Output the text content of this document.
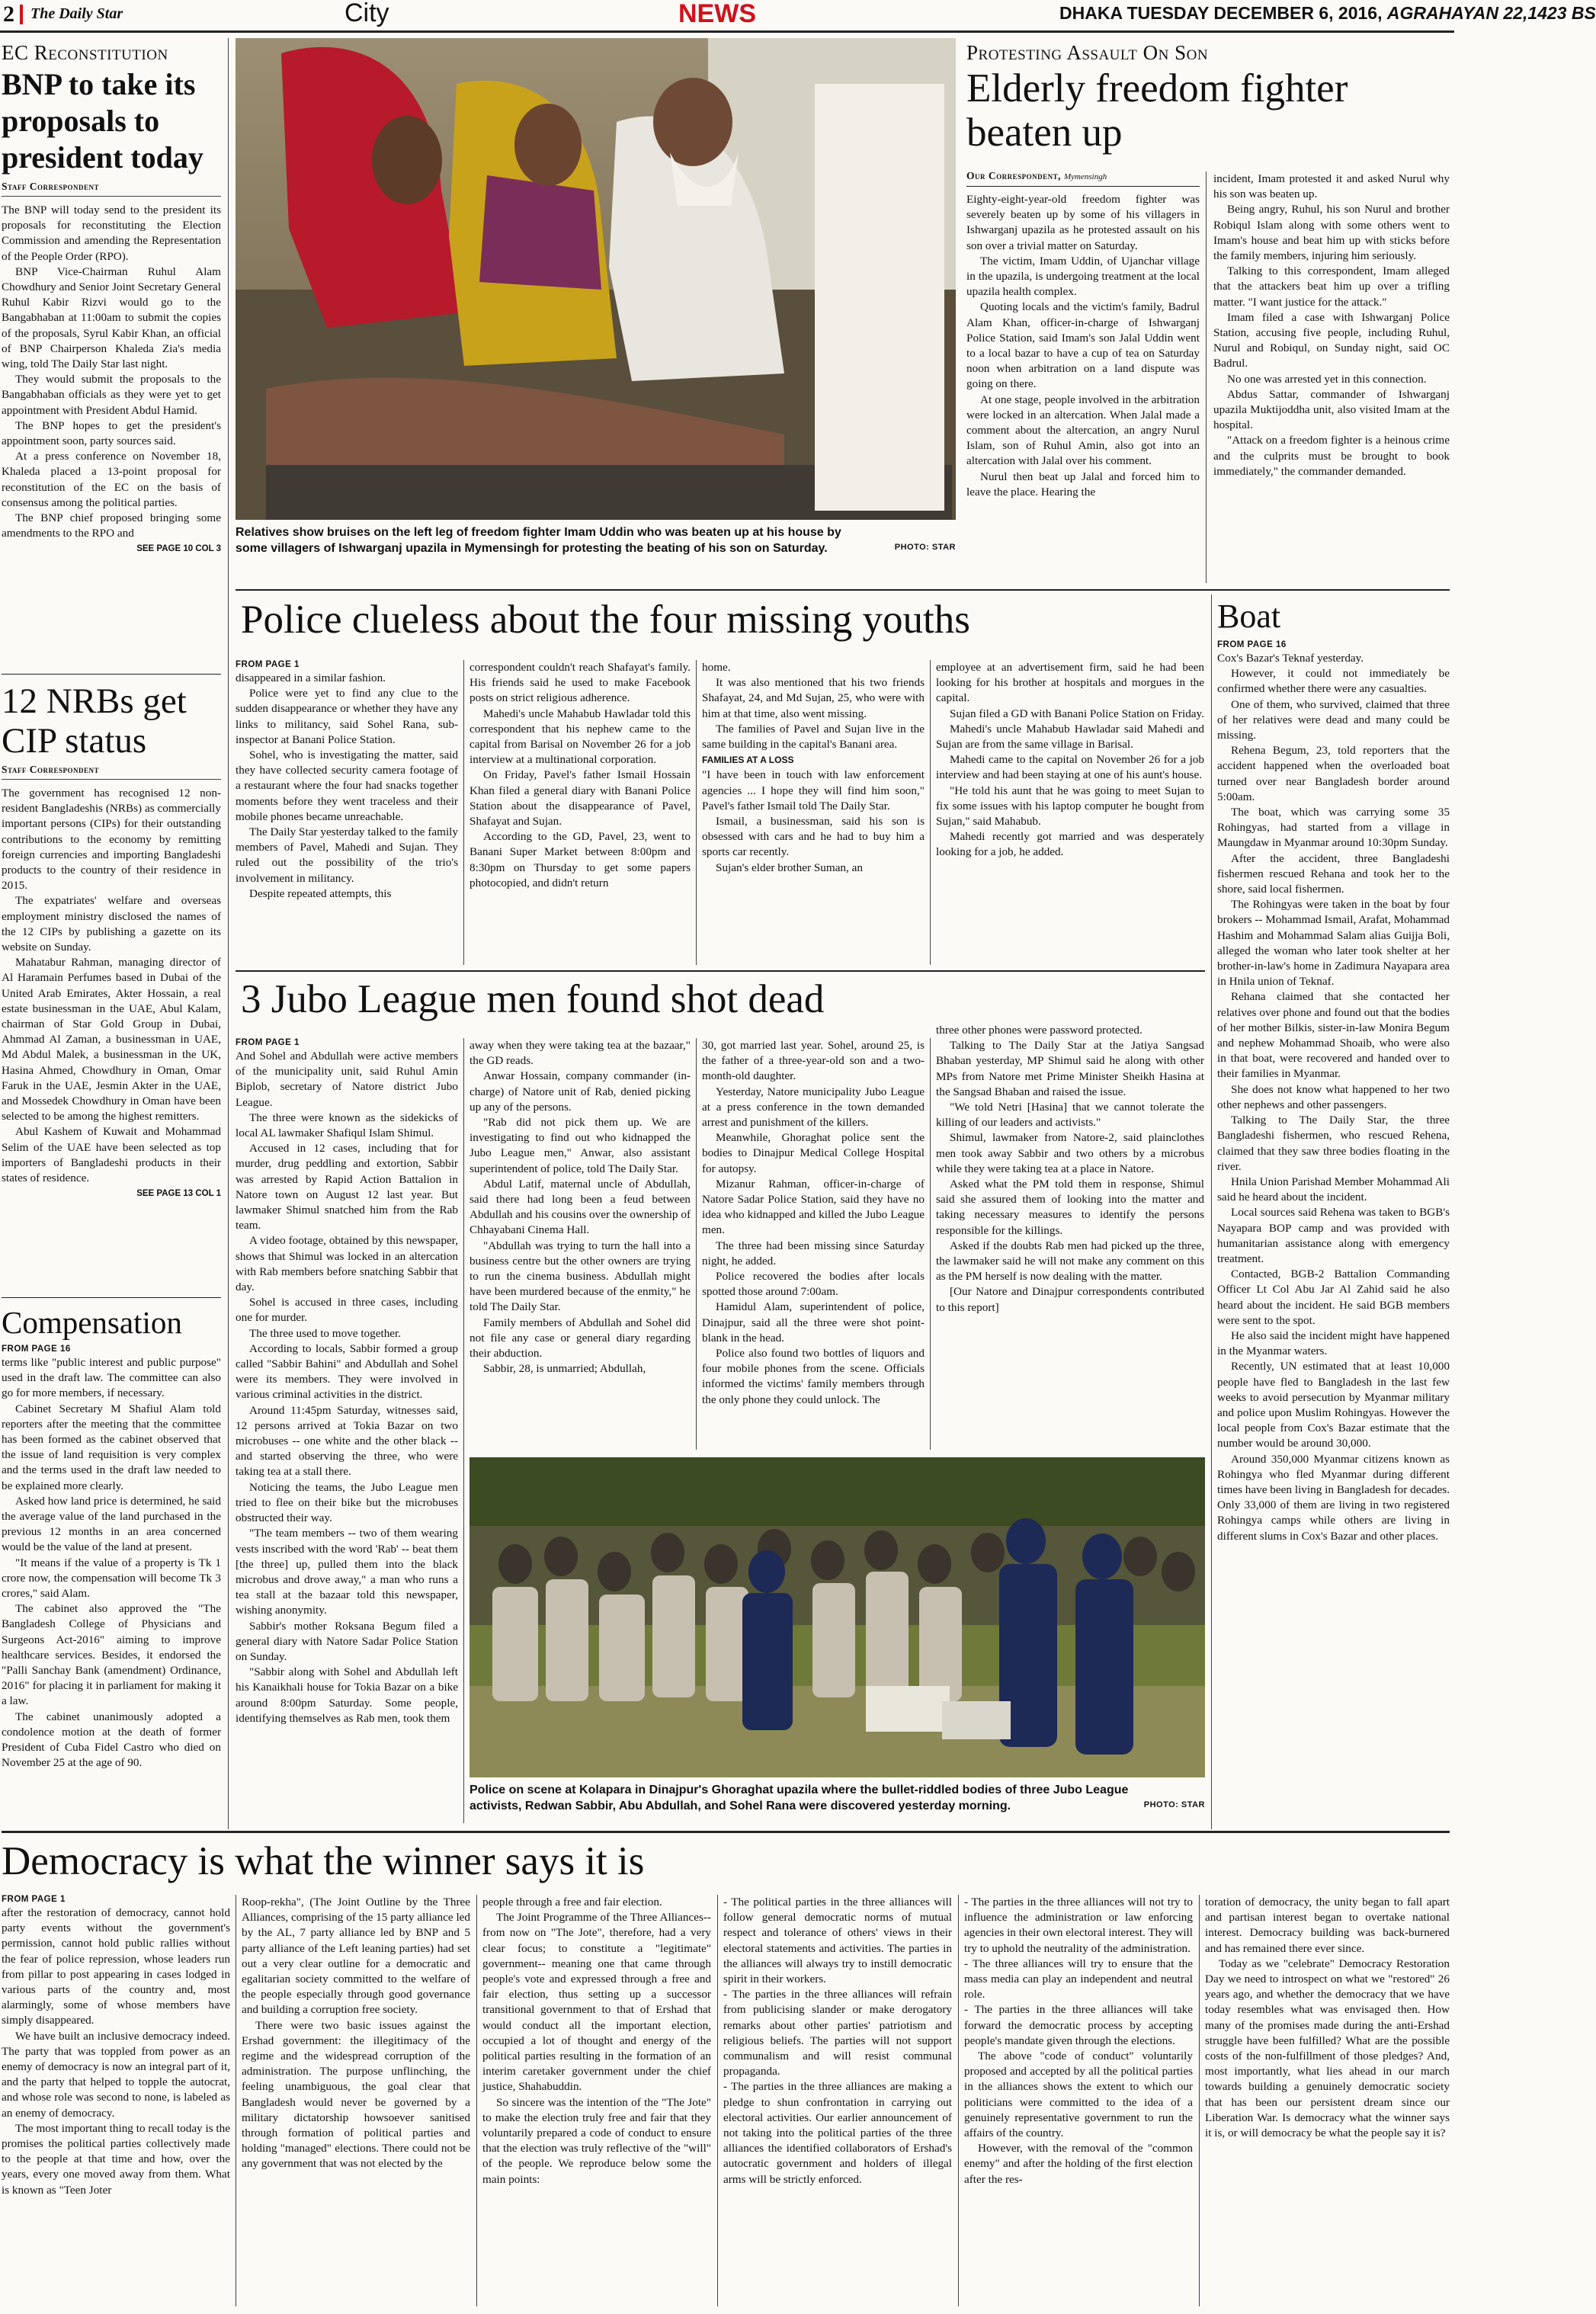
2 The Daily Star	City	NEWS	DHAKA TUESDAY DECEMBER 6, 2016, AGRAHAYAN 22,1423 BS
EC Reconstitution
BNP to take its proposals to president today
Staff Correspondent

The BNP will today send to the president its proposals for reconstituting the Election Commission and amending the Representation of the People Order (RPO).

BNP Vice-Chairman Ruhul Alam Chowdhury and Senior Joint Secretary General Ruhul Kabir Rizvi would go to the Bangabhaban at 11:00am to submit the copies of the proposals, Syrul Kabir Khan, an official of BNP Chairperson Khaleda Zia's media wing, told The Daily Star last night.

They would submit the proposals to the Bangabhaban officials as they were yet to get appointment with President Abdul Hamid.

The BNP hopes to get the president's appointment soon, party sources said.

At a press conference on November 18, Khaleda placed a 13-point proposal for reconstitution of the EC on the basis of consensus among the political parties.

The BNP chief proposed bringing some amendments to the RPO and

SEE PAGE 10 COL 3
12 NRBs get CIP status
Staff Correspondent

The government has recognised 12 non-resident Bangladeshis (NRBs) as commercially important persons (CIPs) for their outstanding contributions to the economy by remitting foreign currencies and importing Bangladeshi products to the country of their residence in 2015.

The expatriates' welfare and overseas employment ministry disclosed the names of the 12 CIPs by publishing a gazette on its website on Sunday.

Mahatabur Rahman, managing director of Al Haramain Perfumes based in Dubai of the United Arab Emirates, Akter Hossain, a real estate businessman in the UAE, Abul Kalam, chairman of Star Gold Group in Dubai, Ahmmad Al Zaman, a businessman in UAE, Md Abdul Malek, a businessman in the UK, Hasina Ahmed, Chowdhury in Oman, Omar Faruk in the UAE, Jesmin Akter in the UAE, and Mossedek Chowdhury in Oman have been selected to be among the highest remitters.

Abul Kashem of Kuwait and Mohammad Selim of the UAE have been selected as top importers of Bangladeshi products in their states of residence.

SEE PAGE 13 COL 1
Compensation
FROM PAGE 16

terms like "public interest and public purpose" used in the draft law. The committee can also go for more members, if necessary.

Cabinet Secretary M Shafiul Alam told reporters after the meeting that the committee has been formed as the cabinet observed that the issue of land requisition is very complex and the terms used in the draft law needed to be explained more clearly.

Asked how land price is determined, he said the average value of the land purchased in the previous 12 months in an area concerned would be the value of the land at present.

"It means if the value of a property is Tk 1 crore now, the compensation will become Tk 3 crores," said Alam.

The cabinet also approved the "The Bangladesh College of Physicians and Surgeons Act-2016" aiming to improve healthcare services. Besides, it endorsed the "Palli Sanchay Bank (amendment) Ordinance, 2016" for placing it in parliament for making it a law.

The cabinet unanimously adopted a condolence motion at the death of former President of Cuba Fidel Castro who died on November 25 at the age of 90.

Relatives show bruises on the left leg of freedom fighter Imam Uddin who was beaten up at his house by some villagers of Ishwarganj upazila in Mymensingh for protesting the beating of his son on Saturday.	PHOTO: STAR
Protesting Assault On Son
Elderly freedom fighter beaten up
Our Correspondent, Mymensingh

Eighty-eight-year-old freedom fighter was severely beaten up by some of his villagers in Ishwarganj upazila as he protested assault on his son over a trivial matter on Saturday.

The victim, Imam Uddin, of Ujanchar village in the upazila, is undergoing treatment at the local upazila health complex.

Quoting locals and the victim's family, Badrul Alam Khan, officer-in-charge of Ishwarganj Police Station, said Imam's son Jalal Uddin went to a local bazar to have a cup of tea on Saturday noon when arbitration on a land dispute was going on there.

At one stage, people involved in the arbitration were locked in an altercation. When Jalal made a comment about the altercation, an angry Nurul Islam, son of Ruhul Amin, also got into an altercation with Jalal over his comment.

Nurul then beat up Jalal and forced him to leave the place. Hearing the

incident, Imam protested it and asked Nurul why his son was beaten up.

Being angry, Ruhul, his son Nurul and brother Robiqul Islam along with some others went to Imam's house and beat him up with sticks before the family members, injuring him seriously.

Talking to this correspondent, Imam alleged that the attackers beat him up over a trifling matter. "I want justice for the attack."

Imam filed a case with Ishwarganj Police Station, accusing five people, including Ruhul, Nurul and Robiqul, on Sunday night, said OC Badrul.

No one was arrested yet in this connection.

Abdus Sattar, commander of Ishwarganj upazila Muktijoddha unit, also visited Imam at the hospital.

"Attack on a freedom fighter is a heinous crime and the culprits must be brought to book immediately," the commander demanded.

Police clueless about the four missing youths
FROM PAGE 1

disappeared in a similar fashion.

Police were yet to find any clue to the sudden disappearance or whether they have any links to militancy, said Sohel Rana, sub-inspector at Banani Police Station.

Sohel, who is investigating the matter, said they have collected security camera footage of a restaurant where the four had snacks together moments before they went traceless and their mobile phones became unreachable.

The Daily Star yesterday talked to the family members of Pavel, Mahedi and Sujan. They ruled out the possibility of the trio's involvement in militancy.

Despite repeated attempts, this

correspondent couldn't reach Shafayat's family. His friends said he used to make Facebook posts on strict religious adherence.

Mahedi's uncle Mahabub Hawladar told this correspondent that his nephew came to the capital from Barisal on November 26 for a job interview at a multinational corporation.

On Friday, Pavel's father Ismail Hossain Khan filed a general diary with Banani Police Station about the disappearance of Pavel, Shafayat and Sujan.

According to the GD, Pavel, 23, went to Banani Super Market between 8:00pm and 8:30pm on Thursday to get some papers photocopied, and didn't return

home.

It was also mentioned that his two friends Shafayat, 24, and Md Sujan, 25, who were with him at that time, also went missing.

The families of Pavel and Sujan live in the same building in the capital's Banani area.

FAMILIES AT A LOSS

"I have been in touch with law enforcement agencies ... I hope they will find him soon," Pavel's father Ismail told The Daily Star.

Ismail, a businessman, said his son is obsessed with cars and he had to buy him a sports car recently.

Sujan's elder brother Suman, an

employee at an advertisement firm, said he had been looking for his brother at hospitals and morgues in the capital.

Sujan filed a GD with Banani Police Station on Friday.

Mahedi's uncle Mahabub Hawladar said Mahedi and Sujan are from the same village in Barisal.

Mahedi came to the capital on November 26 for a job interview and had been staying at one of his aunt's house.

"He told his aunt that he was going to meet Sujan to fix some issues with his laptop computer he bought from Sujan," said Mahabub.

Mahedi recently got married and was desperately looking for a job, he added.

Boat
FROM PAGE 16

Cox's Bazar's Teknaf yesterday.

However, it could not immediately be confirmed whether there were any casualties.

One of them, who survived, claimed that three of her relatives were dead and many could be missing.

Rehena Begum, 23, told reporters that the accident happened when the overloaded boat turned over near Bangladesh border around 5:00am.

The boat, which was carrying some 35 Rohingyas, had started from a village in Maungdaw in Myanmar around 10:30pm Sunday.

After the accident, three Bangladeshi fishermen rescued Rehana and took her to the shore, said local fishermen.

The Rohingyas were taken in the boat by four brokers -- Mohammad Ismail, Arafat, Mohammad Hashim and Mohammad Salam alias Guijja Boli, alleged the woman who later took shelter at her brother-in-law's home in Zadimura Nayapara area in Hnila union of Teknaf.

Rehana claimed that she contacted her relatives over phone and found out that the bodies of her mother Bilkis, sister-in-law Monira Begum and nephew Mohammad Shoaib, who were also in that boat, were recovered and handed over to their families in Myanmar.

She does not know what happened to her two other nephews and other passengers.

Talking to The Daily Star, the three Bangladeshi fishermen, who rescued Rehena, claimed that they saw three bodies floating in the river.

Hnila Union Parishad Member Mohammad Ali said he heard about the incident.

Local sources said Rehena was taken to BGB's Nayapara BOP camp and was provided with humanitarian assistance along with emergency treatment.

Contacted, BGB-2 Battalion Commanding Officer Lt Col Abu Jar Al Zahid said he also heard about the incident. He said BGB members were sent to the spot.

He also said the incident might have happened in the Myanmar waters.

Recently, UN estimated that at least 10,000 people have fled to Bangladesh in the last few weeks to avoid persecution by Myanmar military and police upon Muslim Rohingyas. However the local people from Cox's Bazar estimate that the number would be around 30,000.

Around 350,000 Myanmar citizens known as Rohingya who fled Myanmar during different times have been living in Bangladesh for decades. Only 33,000 of them are living in two registered Rohingya camps while others are living in different slums in Cox's Bazar and other places.

3 Jubo League men found shot dead
FROM PAGE 1

And Sohel and Abdullah were active members of the municipality unit, said Ruhul Amin Biplob, secretary of Natore district Jubo League.

The three were known as the sidekicks of local AL lawmaker Shafiqul Islam Shimul.

Accused in 12 cases, including that for murder, drug peddling and extortion, Sabbir was arrested by Rapid Action Battalion in Natore town on August 12 last year. But lawmaker Shimul snatched him from the Rab team.

A video footage, obtained by this newspaper, shows that Shimul was locked in an altercation with Rab members before snatching Sabbir that day.

Sohel is accused in three cases, including one for murder.

The three used to move together.

According to locals, Sabbir formed a group called "Sabbir Bahini" and Abdullah and Sohel were its members. They were involved in various criminal activities in the district.

Around 11:45pm Saturday, witnesses said, 12 persons arrived at Tokia Bazar on two microbuses -- one white and the other black -- and started observing the three, who were taking tea at a stall there.

Noticing the teams, the Jubo League men tried to flee on their bike but the microbuses obstructed their way.

"The team members -- two of them wearing vests inscribed with the word 'Rab' -- beat them [the three] up, pulled them into the black microbus and drove away," a man who runs a tea stall at the bazaar told this newspaper, wishing anonymity.

Sabbir's mother Roksana Begum filed a general diary with Natore Sadar Police Station on Sunday.

"Sabbir along with Sohel and Abdullah left his Kanaikhali house for Tokia Bazar on a bike around 8:00pm Saturday. Some people, identifying themselves as Rab men, took them

away when they were taking tea at the bazaar," the GD reads.

Anwar Hossain, company commander (in-charge) of Natore unit of Rab, denied picking up any of the persons.

"Rab did not pick them up. We are investigating to find out who kidnapped the Jubo League men," Anwar, also assistant superintendent of police, told The Daily Star.

Abdul Latif, maternal uncle of Abdullah, said there had long been a feud between Abdullah and his cousins over the ownership of Chhayabani Cinema Hall.

"Abdullah was trying to turn the hall into a business centre but the other owners are trying to run the cinema business. Abdullah might have been murdered because of the enmity," he told The Daily Star.

Family members of Abdullah and Sohel did not file any case or general diary regarding their abduction.

Sabbir, 28, is unmarried; Abdullah,

30, got married last year. Sohel, around 25, is the father of a three-year-old son and a two-month-old daughter.

Yesterday, Natore municipality Jubo League at a press conference in the town demanded arrest and punishment of the killers.

Meanwhile, Ghoraghat police sent the bodies to Dinajpur Medical College Hospital for autopsy.

Mizanur Rahman, officer-in-charge of Natore Sadar Police Station, said they have no idea who kidnapped and killed the Jubo League men.

The three had been missing since Saturday night, he added.

Police recovered the bodies after locals spotted those around 7:00am.

Hamidul Alam, superintendent of police, Dinajpur, said all the three were shot point-blank in the head.

Police also found two bottles of liquors and four mobile phones from the scene. Officials informed the victims' family members through the only phone they could unlock. The

three other phones were password protected.

Talking to The Daily Star at the Jatiya Sangsad Bhaban yesterday, MP Shimul said he along with other MPs from Natore met Prime Minister Sheikh Hasina at the Sangsad Bhaban and raised the issue.

"We told Netri [Hasina] that we cannot tolerate the killing of our leaders and activists."

Shimul, lawmaker from Natore-2, said plainclothes men took away Sabbir and two others by a microbus while they were taking tea at a place in Natore.

Asked what the PM told them in response, Shimul said she assured them of looking into the matter and taking necessary measures to identify the persons responsible for the killings.

Asked if the doubts Rab men had picked up the three, the lawmaker said he will not make any comment on this as the PM herself is now dealing with the matter.

[Our Natore and Dinajpur correspondents contributed to this report]

Police on scene at Kolapara in Dinajpur's Ghoraghat upazila where the bullet-riddled bodies of three Jubo League activists, Redwan Sabbir, Abu Abdullah, and Sohel Rana were discovered yesterday morning.	PHOTO: STAR
Democracy is what the winner says it is
FROM PAGE 1

after the restoration of democracy, cannot hold party events without the government's permission, cannot hold public rallies without the fear of police repression, whose leaders run from pillar to post appearing in cases lodged in various parts of the country and, most alarmingly, some of whose members have simply disappeared.

We have built an inclusive democracy indeed. The party that was toppled from power as an enemy of democracy is now an integral part of it, and the party that helped to topple the autocrat, and whose role was second to none, is labeled as an enemy of democracy.

The most important thing to recall today is the promises the political parties collectively made to the people at that time and how, over the years, every one moved away from them. What is known as "Teen Joter

Roop-rekha", (The Joint Outline by the Three Alliances, comprising of the 15 party alliance led by the AL, 7 party alliance led by BNP and 5 party alliance of the Left leaning parties) had set out a very clear outline for a democratic and egalitarian society committed to the welfare of the people especially through good governance and building a corruption free society.

There were two basic issues against the Ershad government: the illegitimacy of the regime and the widespread corruption of the administration. The purpose unflinching, the feeling unambiguous, the goal clear that Bangladesh would never be governed by a military dictatorship howsoever sanitised through formation of political parties and holding "managed" elections. There could not be any government that was not elected by the

people through a free and fair election.

The Joint Programme of the Three Alliances-- from now on "The Jote", therefore, had a very clear focus; to constitute a "legitimate" government-- meaning one that came through people's vote and expressed through a free and fair election, thus setting up a successor transitional government to that of Ershad that would conduct all the important election, occupied a lot of thought and energy of the political parties resulting in the formation of an interim caretaker government under the chief justice, Shahabuddin.

So sincere was the intention of the "The Jote" to make the election truly free and fair that they voluntarily prepared a code of conduct to ensure that the election was truly reflective of the "will" of the people. We reproduce below some the main points:

- The political parties in the three alliances will follow general democratic norms of mutual respect and tolerance of others' views in their electoral statements and activities. The parties in the alliances will always try to instill democratic spirit in their workers.

- The parties in the three alliances will refrain from publicising slander or make derogatory remarks about other parties' patriotism and religious beliefs. The parties will not support communalism and will resist communal propaganda.

- The parties in the three alliances are making a pledge to shun confrontation in carrying out electoral activities. Our earlier announcement of not taking into the political parties of the three alliances the identified collaborators of Ershad's autocratic government and holders of illegal arms will be strictly enforced.

- The parties in the three alliances will not try to influence the administration or law enforcing agencies in their own electoral interest. They will try to uphold the neutrality of the administration.

- The three alliances will try to ensure that the mass media can play an independent and neutral role.

- The parties in the three alliances will take forward the democratic process by accepting people's mandate given through the elections.

The above "code of conduct" voluntarily proposed and accepted by all the political parties in the alliances shows the extent to which our politicians were committed to the idea of a genuinely representative government to run the affairs of the country.

However, with the removal of the "common enemy" and after the holding of the first election after the res-

toration of democracy, the unity began to fall apart and partisan interest began to overtake national interest. Democracy building was back-burnered and has remained there ever since.

Today as we "celebrate" Democracy Restoration Day we need to introspect on what we "restored" 26 years ago, and whether the democracy that we have today resembles what was envisaged then. How many of the promises made during the anti-Ershad struggle have been fulfilled? What are the possible costs of the non-fulfillment of those pledges? And, most importantly, what lies ahead in our march towards building a genuinely democratic society that has been our persistent dream since our Liberation War. Is democracy what the winner says it is, or will democracy be what the people say it is?
